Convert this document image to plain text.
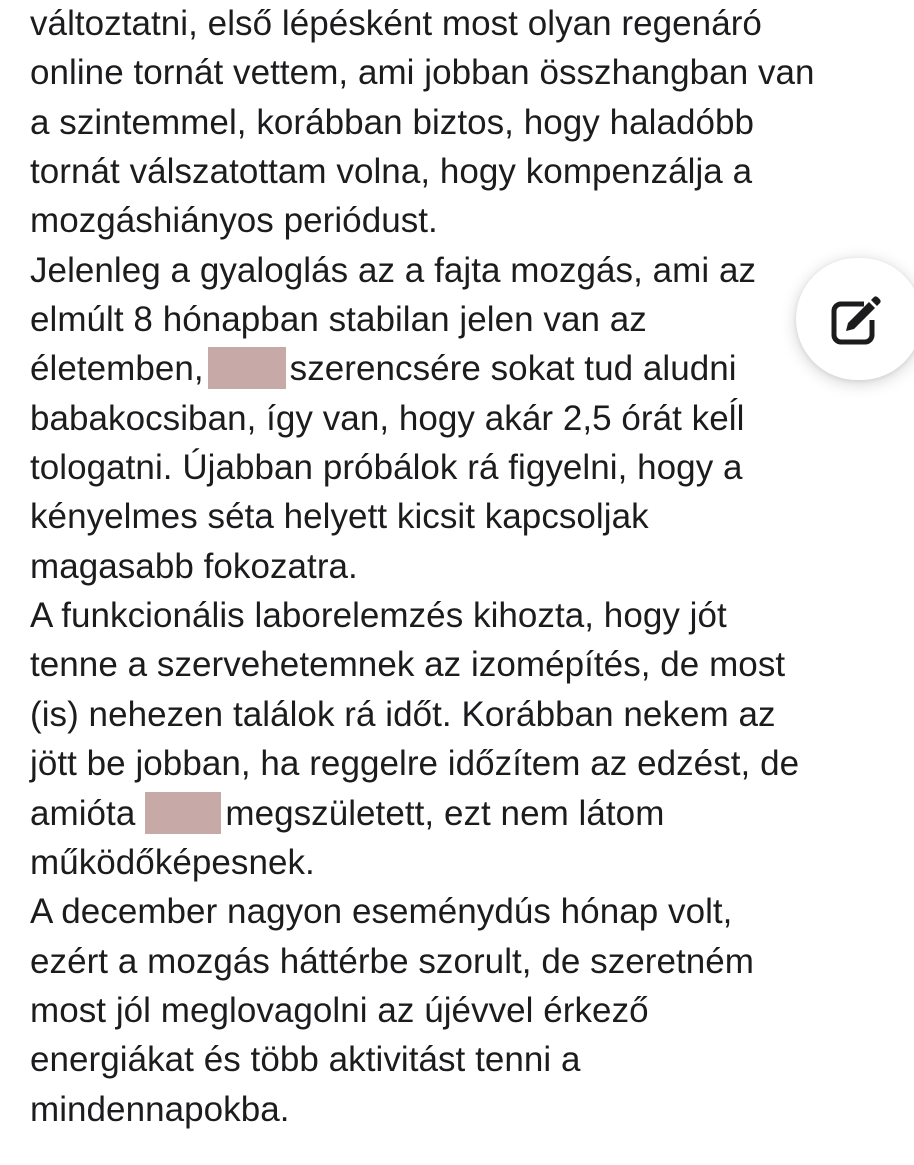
változtatni, első lépésként most olyan regenáró
online tornát vettem, ami jobban összhangban van
a szintemmel, korábban biztos, hogy haladóbb
tornát válszatottam volna, hogy kompenzálja a
mozgáshiányos periódust.
Jelenleg a gyaloglás az a fajta mozgás, ami az
elmúlt 8 hónapban stabilan jelen van az
életemben, szerencsére sokat tud aludni
babakocsiban, így van, hogy akár 2,5 órát keĺl
tologatni. Újabban próbálok rá figyelni, hogy a
kényelmes séta helyett kicsit kapcsoljak
magasabb fokozatra.
A funkcionális laborelemzés kihozta, hogy jót
tenne a szervehetemnek az izomépítés, de most
(is) nehezen találok rá időt. Korábban nekem az
jött be jobban, ha reggelre időzítem az edzést, de
amióta	megszületett, ezt nem látom
működőképesnek.
A december nagyon eseménydús hónap volt,
ezért a mozgás háttérbe szorult, de szeretném
most jól meglovagolni az újévvel érkező
energiákat és több aktivitást tenni a
mindennapokba.
